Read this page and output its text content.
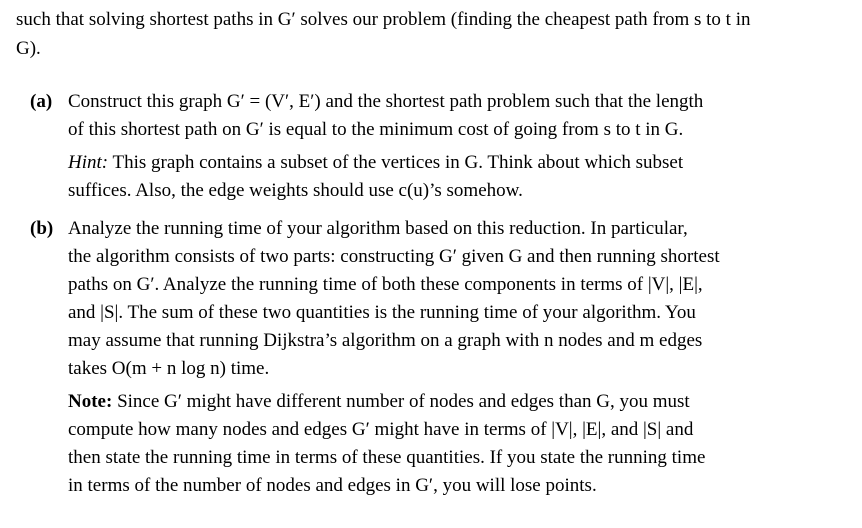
such that solving shortest paths in G′ solves our problem (finding the cheapest path from s to t in
G).
(a) Construct this graph G′ = (V′, E′) and the shortest path problem such that the length
of this shortest path on G′ is equal to the minimum cost of going from s to t in G.
Hint: This graph contains a subset of the vertices in G. Think about which subset
suffices. Also, the edge weights should use c(u)’s somehow.
(b) Analyze the running time of your algorithm based on this reduction. In particular,
the algorithm consists of two parts: constructing G′ given G and then running shortest
paths on G′. Analyze the running time of both these components in terms of |V|, |E|,
and |S|. The sum of these two quantities is the running time of your algorithm. You
may assume that running Dijkstra’s algorithm on a graph with n nodes and m edges
takes O(m + n log n) time.
Note: Since G′ might have different number of nodes and edges than G, you must
compute how many nodes and edges G′ might have in terms of |V|, |E|, and |S| and
then state the running time in terms of these quantities. If you state the running time
in terms of the number of nodes and edges in G′, you will lose points.
